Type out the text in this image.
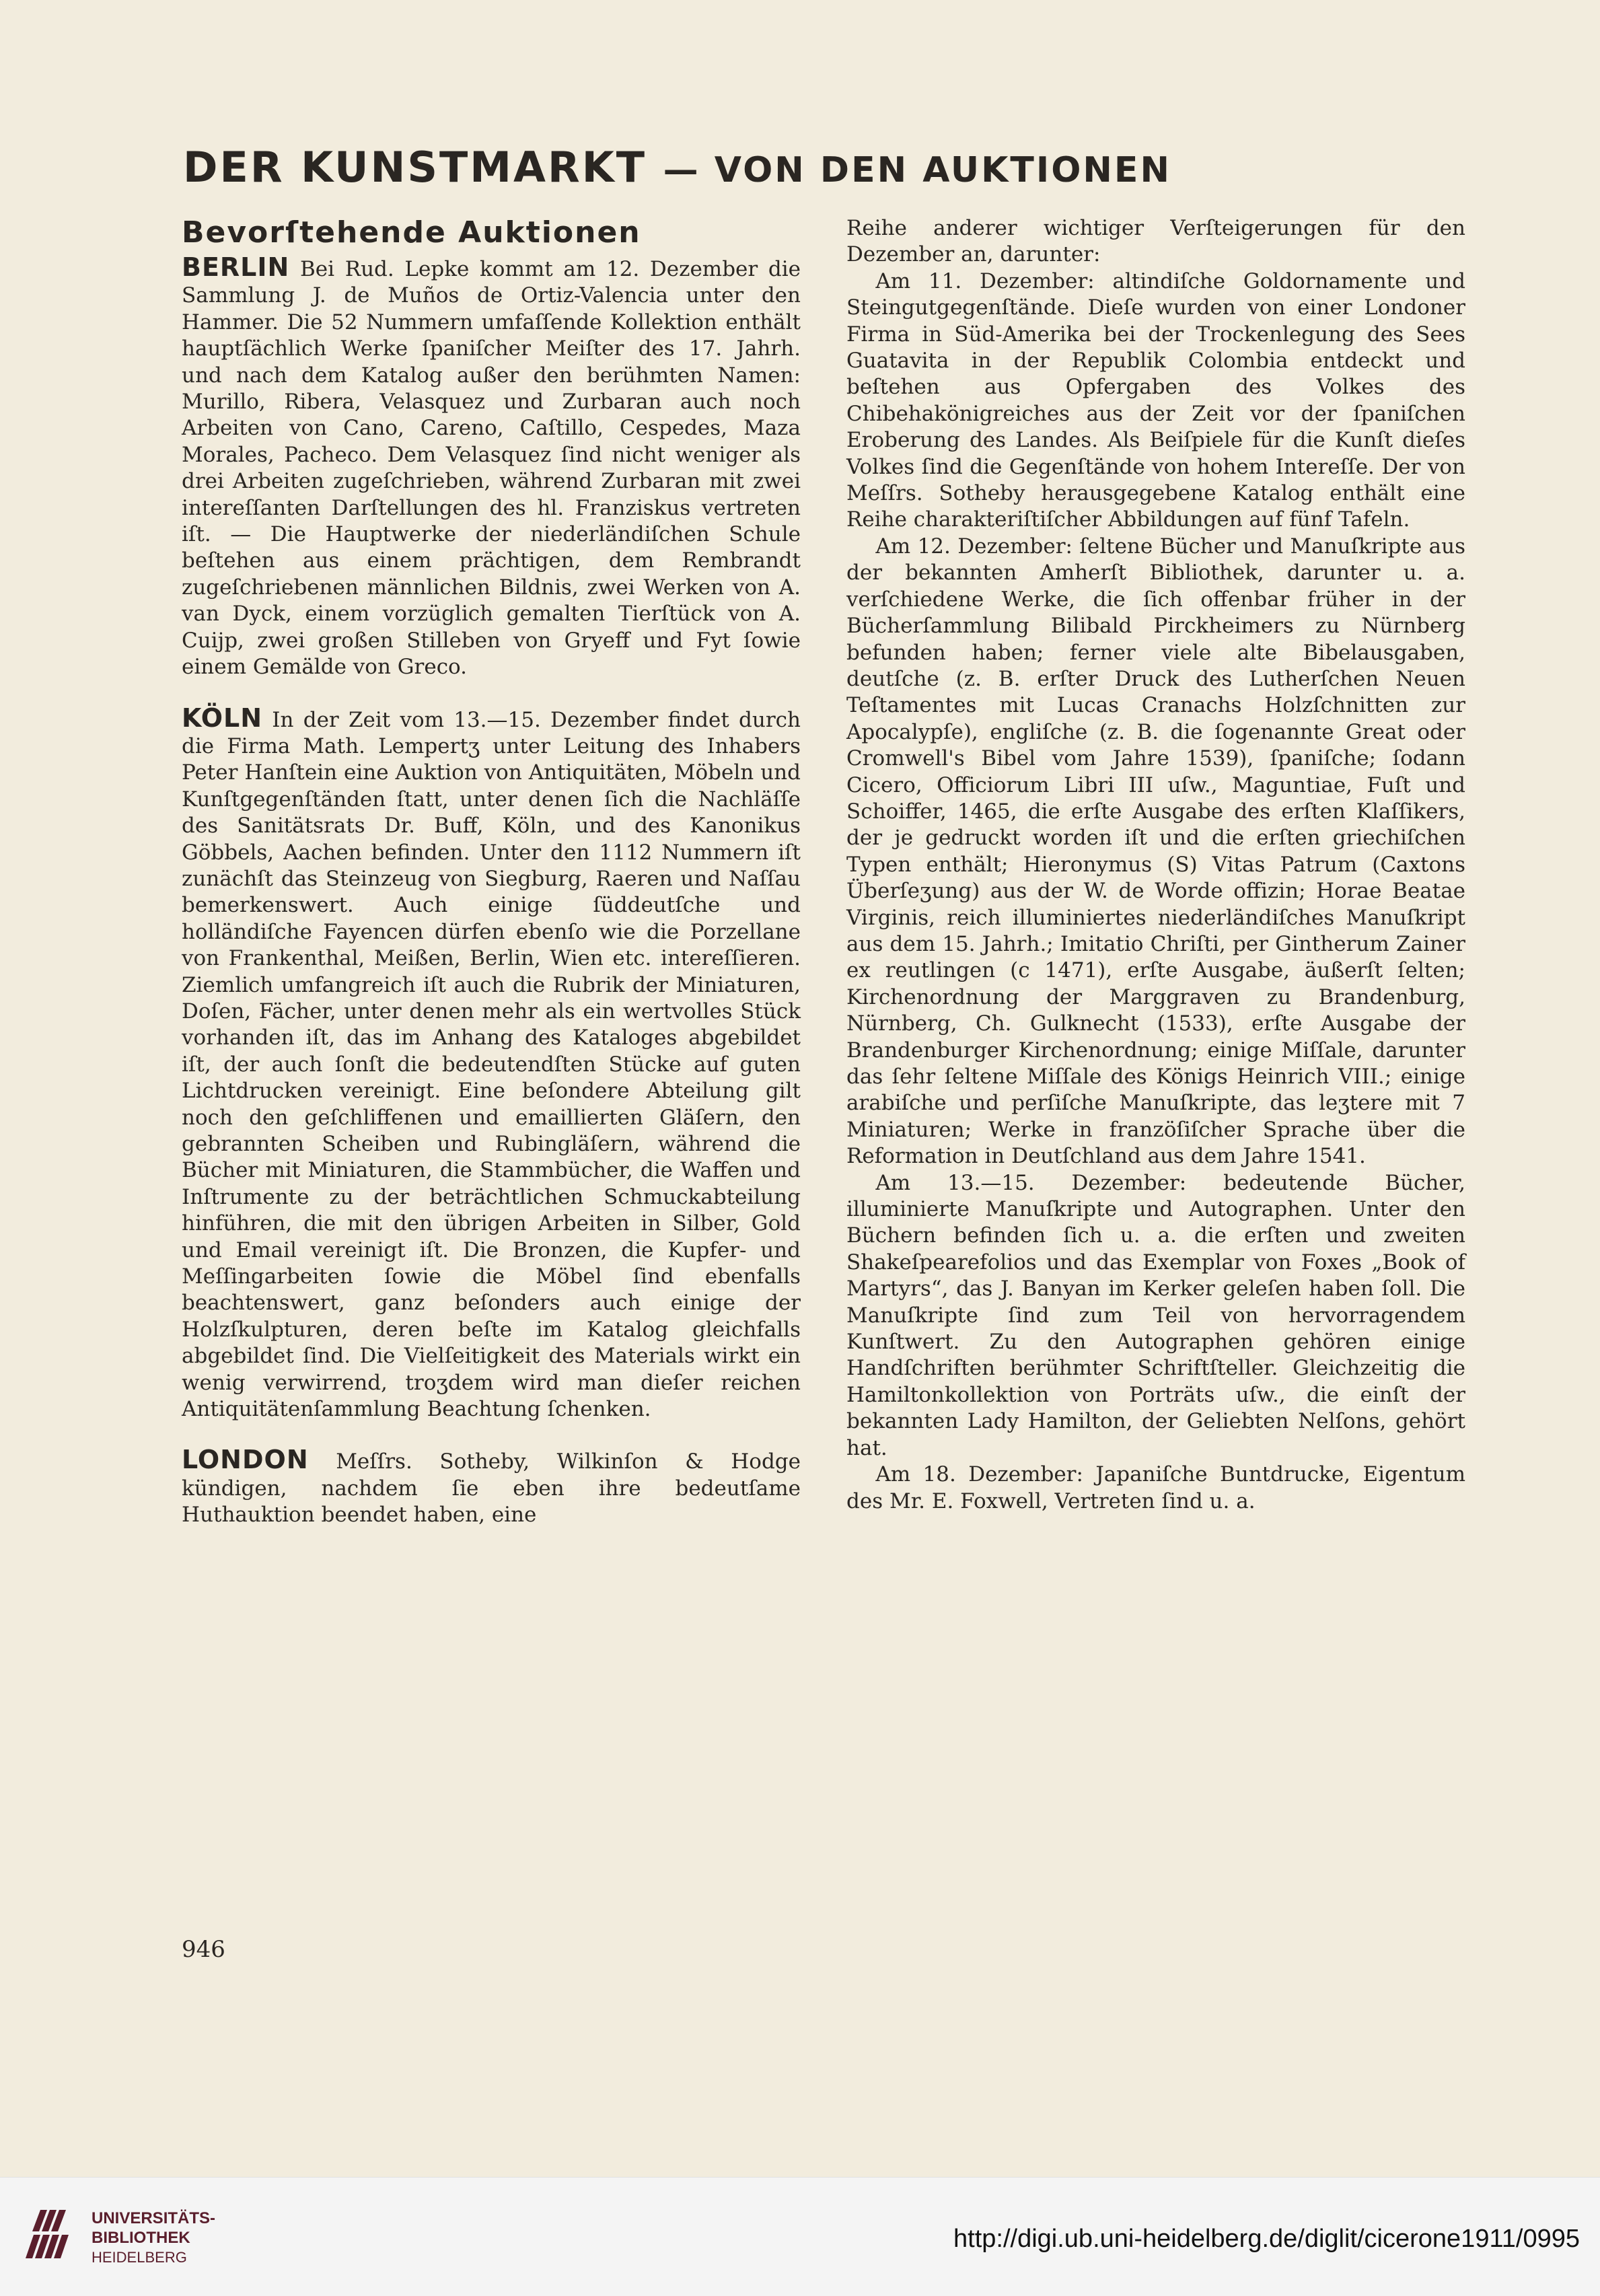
DER KUNSTMARKT — VON DEN AUKTIONEN
Bevorſtehende Auktionen

BERLIN Bei Rud. Lepke kommt am 12. Dezember die Sammlung J. de Muños de Ortiz-Valencia unter den Hammer. Die 52 Nummern umfaſſende Kollektion enthält hauptſächlich Werke ſpaniſcher Meiſter des 17. Jahrh. und nach dem Katalog außer den berühmten Namen: Murillo, Ribera, Velasquez und Zurbaran auch noch Arbeiten von Cano, Careno, Caſtillo, Cespedes, Maza Morales, Pacheco. Dem Velasquez ſind nicht weniger als drei Arbeiten zugeſchrieben, während Zurbaran mit zwei intereſſanten Darſtellungen des hl. Franziskus vertreten iſt. — Die Hauptwerke der niederländiſchen Schule beſtehen aus einem prächtigen, dem Rembrandt zugeſchriebenen männlichen Bildnis, zwei Werken von A. van Dyck, einem vorzüglich gemalten Tierſtück von A. Cuijp, zwei großen Stilleben von Gryeff und Fyt ſowie einem Gemälde von Greco.

KÖLN In der Zeit vom 13.—15. Dezember findet durch die Firma Math. Lempertʒ unter Leitung des Inhabers Peter Hanſtein eine Auktion von Antiquitäten, Möbeln und Kunſtgegenſtänden ſtatt, unter denen ſich die Nachläſſe des Sanitätsrats Dr. Buff, Köln, und des Kanonikus Göbbels, Aachen befinden. Unter den 1112 Nummern iſt zunächſt das Steinzeug von Siegburg, Raeren und Naſſau bemerkenswert. Auch einige ſüddeutſche und holländiſche Fayencen dürfen ebenſo wie die Porzellane von Frankenthal, Meißen, Berlin, Wien etc. intereſſieren. Ziemlich umfangreich iſt auch die Rubrik der Miniaturen, Doſen, Fächer, unter denen mehr als ein wertvolles Stück vorhanden iſt, das im Anhang des Kataloges abgebildet iſt, der auch ſonſt die bedeutendſten Stücke auf guten Lichtdrucken vereinigt. Eine beſondere Abteilung gilt noch den geſchliffenen und emaillierten Gläſern, den gebrannten Scheiben und Rubingläſern, während die Bücher mit Miniaturen, die Stammbücher, die Waffen und Inſtrumente zu der beträchtlichen Schmuckabteilung hinführen, die mit den übrigen Arbeiten in Silber, Gold und Email vereinigt iſt. Die Bronzen, die Kupfer- und Meſſingarbeiten ſowie die Möbel ſind ebenfalls beachtenswert, ganz beſonders auch einige der Holzſkulpturen, deren beſte im Katalog gleichfalls abgebildet ſind. Die Vielſeitigkeit des Materials wirkt ein wenig verwirrend, troʒdem wird man dieſer reichen Antiquitätenſammlung Beachtung ſchenken.

LONDON Meſſrs. Sotheby, Wilkinſon & Hodge kündigen, nachdem ſie eben ihre bedeutſame Huthauktion beendet haben, eine

Reihe anderer wichtiger Verſteigerungen für den Dezember an, darunter:

Am 11. Dezember: altindiſche Goldornamente und Steingutgegenſtände. Dieſe wurden von einer Londoner Firma in Süd-Amerika bei der Trockenlegung des Sees Guatavita in der Republik Colombia entdeckt und beſtehen aus Opfergaben des Volkes des Chibehakönigreiches aus der Zeit vor der ſpaniſchen Eroberung des Landes. Als Beiſpiele für die Kunſt dieſes Volkes ſind die Gegenſtände von hohem Intereſſe. Der von Meſſrs. Sotheby herausgegebene Katalog enthält eine Reihe charakteriſtiſcher Abbildungen auf fünf Tafeln.

Am 12. Dezember: ſeltene Bücher und Manuſkripte aus der bekannten Amherſt Bibliothek, darunter u. a. verſchiedene Werke, die ſich offenbar früher in der Bücherſammlung Bilibald Pirckheimers zu Nürnberg befunden haben; ferner viele alte Bibelausgaben, deutſche (z. B. erſter Druck des Lutherſchen Neuen Teſtamentes mit Lucas Cranachs Holzſchnitten zur Apocalypſe), engliſche (z. B. die ſogenannte Great oder Cromwell's Bibel vom Jahre 1539), ſpaniſche; ſodann Cicero, Officiorum Libri III uſw., Maguntiae, Fuſt und Schoiffer, 1465, die erſte Ausgabe des erſten Klaſſikers, der je gedruckt worden iſt und die erſten griechiſchen Typen enthält; Hieronymus (S) Vitas Patrum (Caxtons Überſeʒung) aus der W. de Worde offizin; Horae Beatae Virginis, reich illuminiertes niederländiſches Manuſkript aus dem 15. Jahrh.; Imitatio Chriſti, per Gintherum Zainer ex reutlingen (c 1471), erſte Ausgabe, äußerſt ſelten; Kirchenordnung der Marggraven zu Brandenburg, Nürnberg, Ch. Gulknecht (1533), erſte Ausgabe der Brandenburger Kirchenordnung; einige Miſſale, darunter das ſehr ſeltene Miſſale des Königs Heinrich VIII.; einige arabiſche und perſiſche Manuſkripte, das leʒtere mit 7 Miniaturen; Werke in franzöſiſcher Sprache über die Reformation in Deutſchland aus dem Jahre 1541.

Am 13.—15. Dezember: bedeutende Bücher, illuminierte Manuſkripte und Autographen. Unter den Büchern befinden ſich u. a. die erſten und zweiten Shakeſpearefolios und das Exemplar von Foxes „Book of Martyrs“, das J. Banyan im Kerker geleſen haben ſoll. Die Manuſkripte ſind zum Teil von hervorragendem Kunſtwert. Zu den Autographen gehören einige Handſchriften berühmter Schriftſteller. Gleichzeitig die Hamiltonkollektion von Porträts uſw., die einſt der bekannten Lady Hamilton, der Geliebten Nelſons, gehört hat.

Am 18. Dezember: Japaniſche Buntdrucke, Eigentum des Mr. E. Foxwell, Vertreten ſind u. a.

946
UNIVERSITÄTS-
BIBLIOTHEK
HEIDELBERG
http://digi.ub.uni-heidelberg.de/diglit/cicerone1911/0995
